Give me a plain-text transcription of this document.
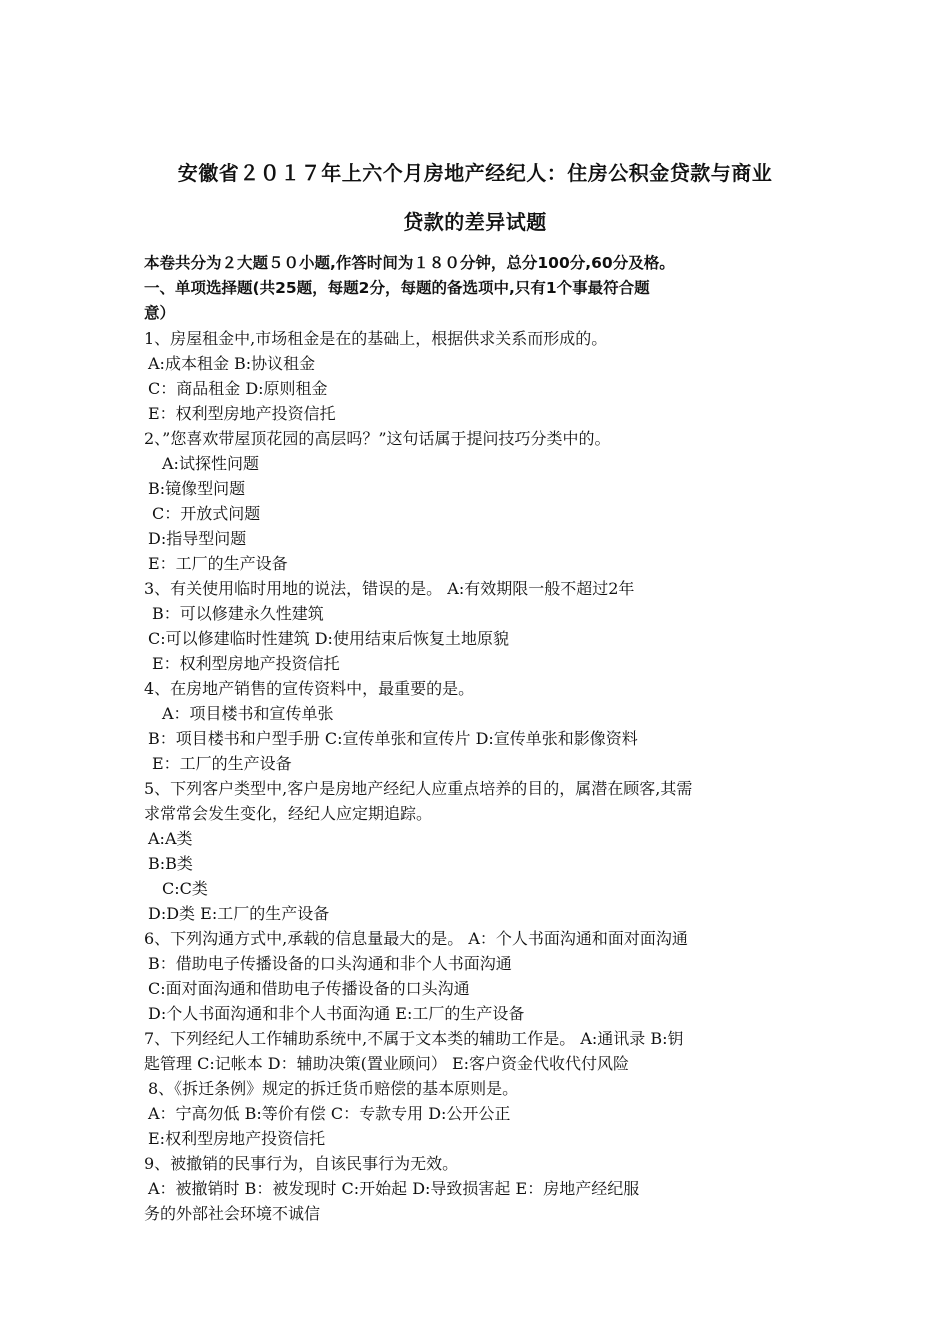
安徽省２０１７年上六个月房地产经纪人：住房公积金贷款与商业
贷款的差异试题
本卷共分为２大题５０小题,作答时间为１８０分钟，总分100分,60分及格。
一、单项选择题(共25题，每题2分，每题的备选项中,只有1个事最符合题
意）
1、房屋租金中,市场租金是在的基础上，根据供求关系而形成的。
A:成本租金 B:协议租金
C：商品租金 D:原则租金
E：权利型房地产投资信托
2、”您喜欢带屋顶花园的高层吗？”这句话属于提问技巧分类中的。
A:试探性问题
B:镜像型问题
C：开放式问题
D:指导型问题
E：工厂的生产设备
3、有关使用临时用地的说法，错误的是。 A:有效期限一般不超过2年
B：可以修建永久性建筑
C:可以修建临时性建筑 D:使用结束后恢复土地原貌
E：权利型房地产投资信托
4、在房地产销售的宣传资料中，最重要的是。
A：项目楼书和宣传单张
B：项目楼书和户型手册 C:宣传单张和宣传片 D:宣传单张和影像资料
E：工厂的生产设备
5、下列客户类型中,客户是房地产经纪人应重点培养的目的，属潜在顾客,其需
求常常会发生变化，经纪人应定期追踪。
A:A类
B:B类
C:C类
D:D类 E:工厂的生产设备
6、下列沟通方式中,承载的信息量最大的是。 A：个人书面沟通和面对面沟通
B：借助电子传播设备的口头沟通和非个人书面沟通
C:面对面沟通和借助电子传播设备的口头沟通
D:个人书面沟通和非个人书面沟通 E:工厂的生产设备
7、下列经纪人工作辅助系统中,不属于文本类的辅助工作是。 A:通讯录 B:钥
匙管理 C:记帐本 D：辅助决策(置业顾问） E:客户资金代收代付风险
8、《拆迁条例》规定的拆迁货币赔偿的基本原则是。
A：宁高勿低 B:等价有偿 C：专款专用 D:公开公正
E:权利型房地产投资信托
9、被撤销的民事行为，自该民事行为无效。
A：被撤销时 B：被发现时 C:开始起 D:导致损害起 E：房地产经纪服
务的外部社会环境不诚信
